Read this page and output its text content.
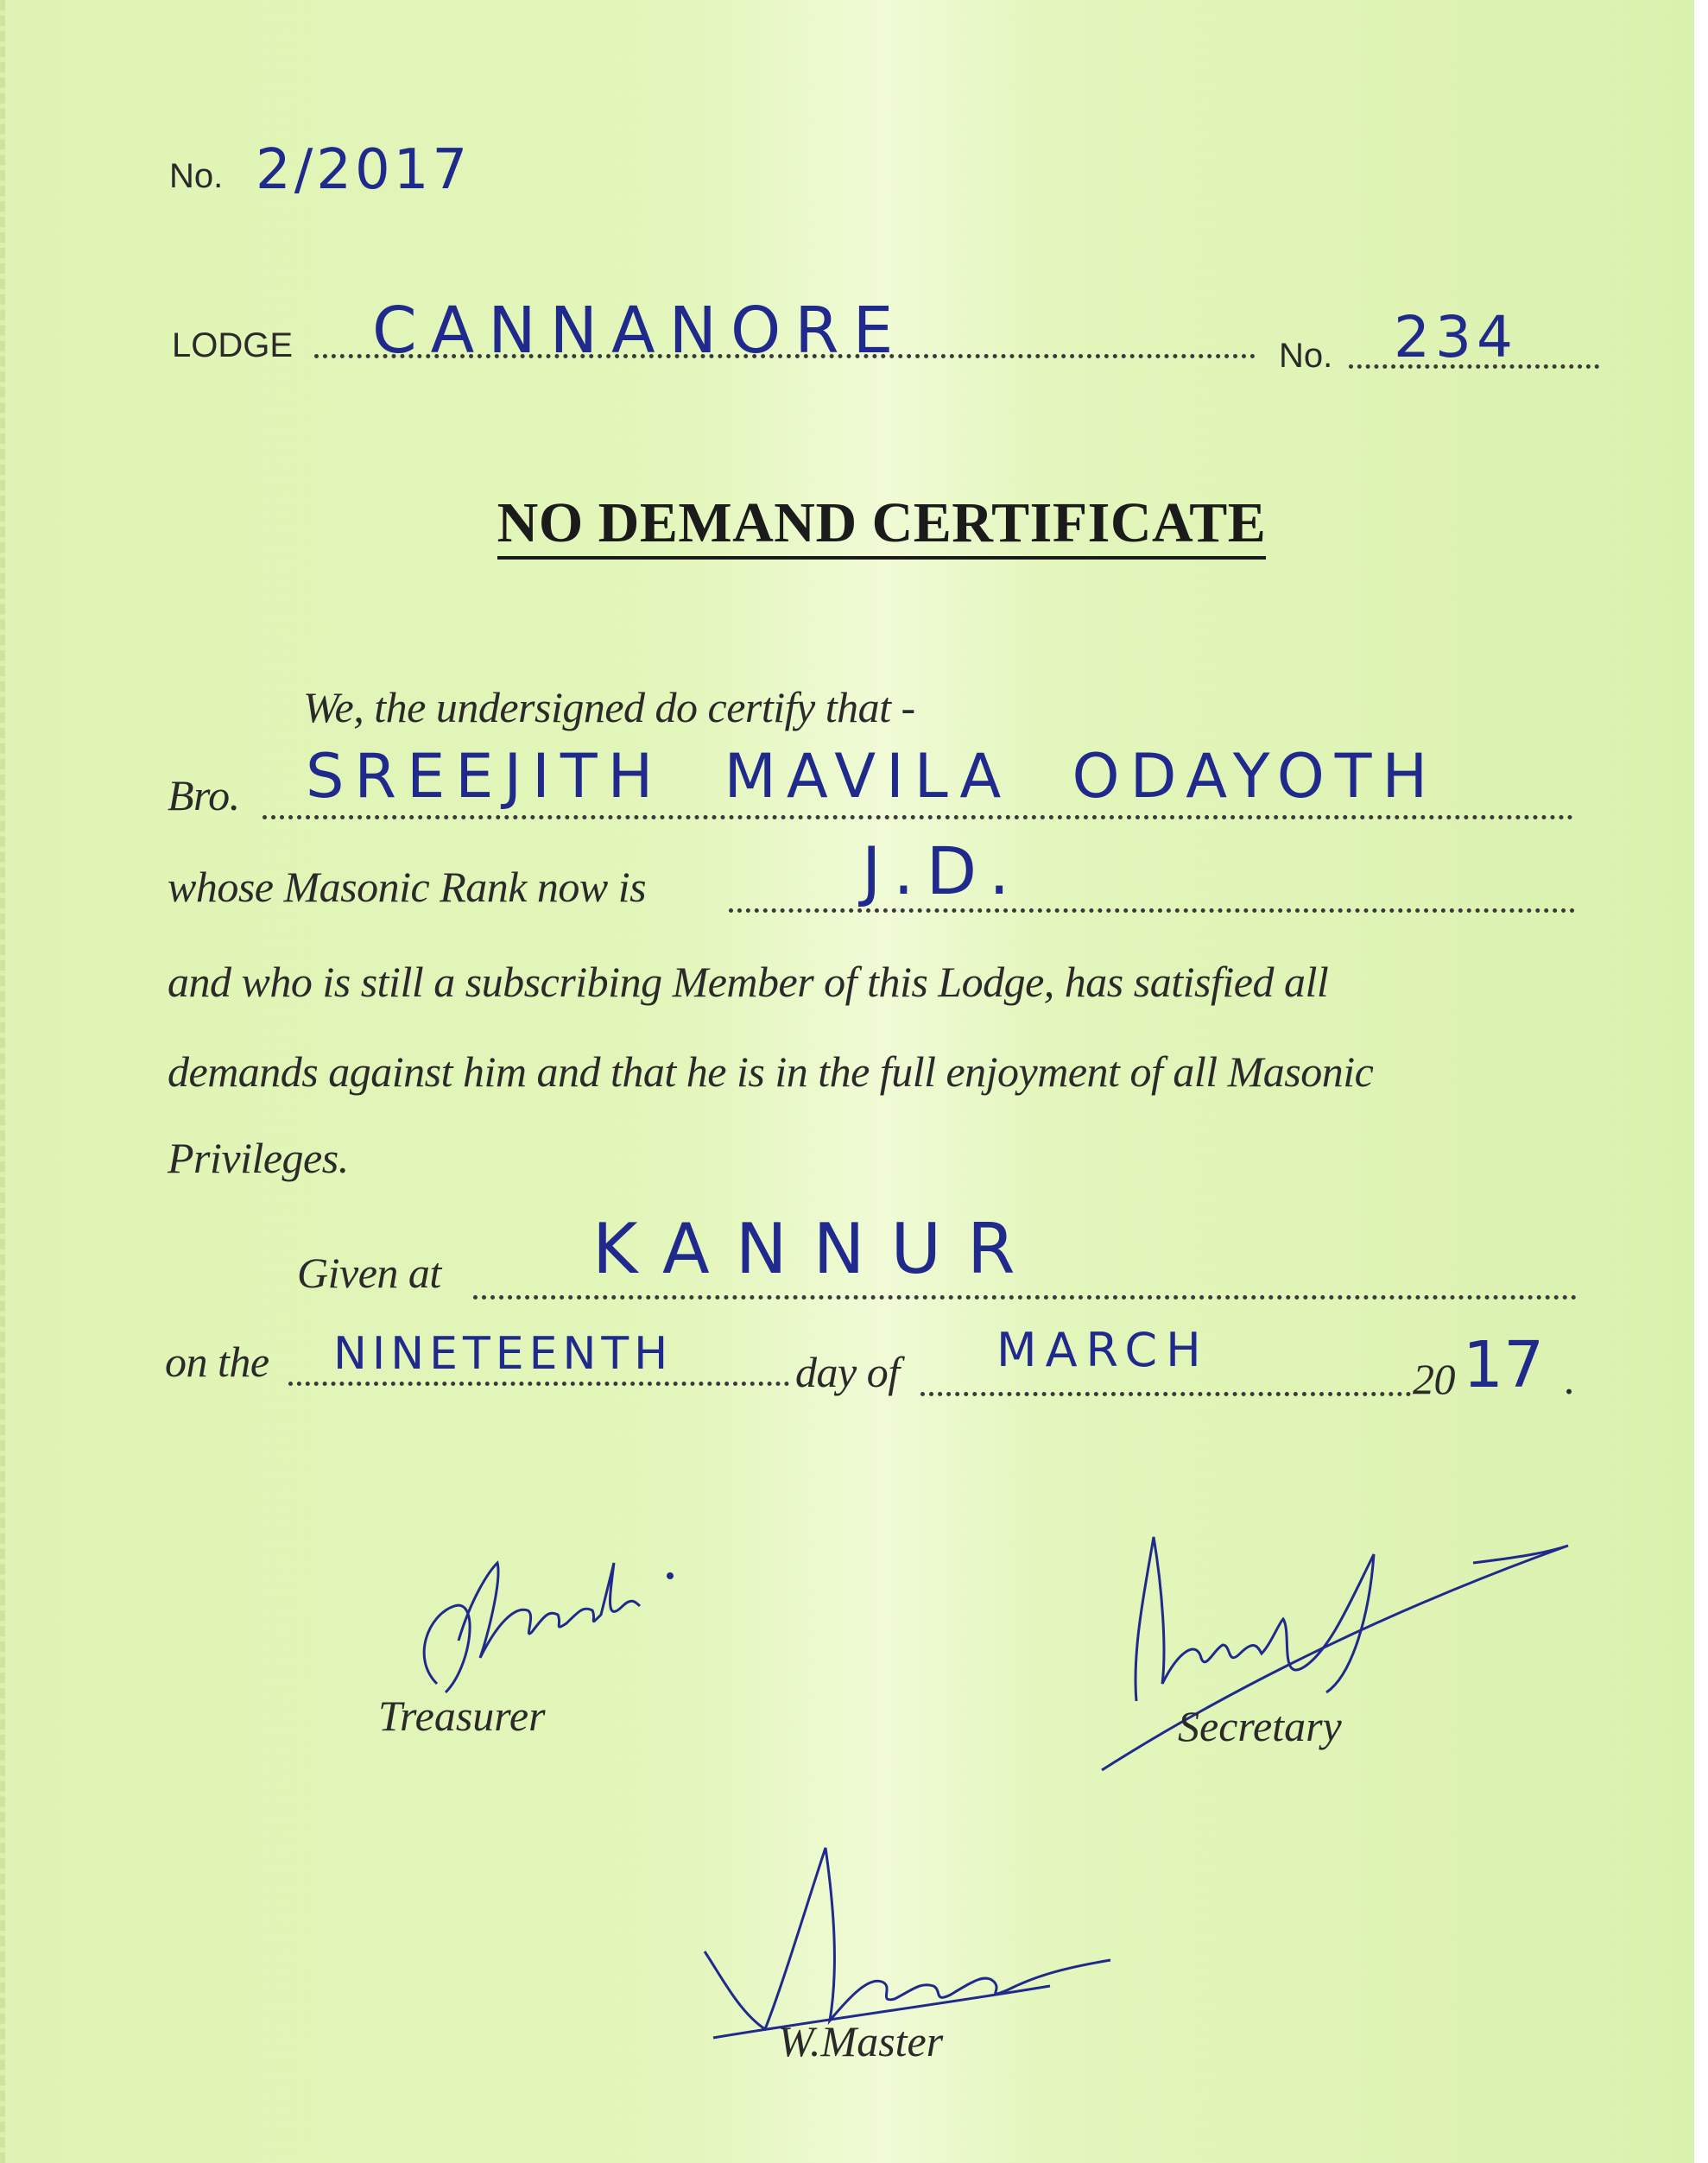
No. 2/2017
LODGE CANNANORE	No. 234
NO DEMAND CERTIFICATE
We, the undersigned do certify that -
Bro. SREEJITH MAVILA ODAYOTH
whose Masonic Rank now is	J.D.
and who is still a subscribing Member of this Lodge, has satisfied all
demands against him and that he is in the full enjoyment of all Masonic
Privileges.
Given at KANNUR
on the NINETEENTH	day of MARCH
20 17 .
Treasurer	Secretary
W.Master
